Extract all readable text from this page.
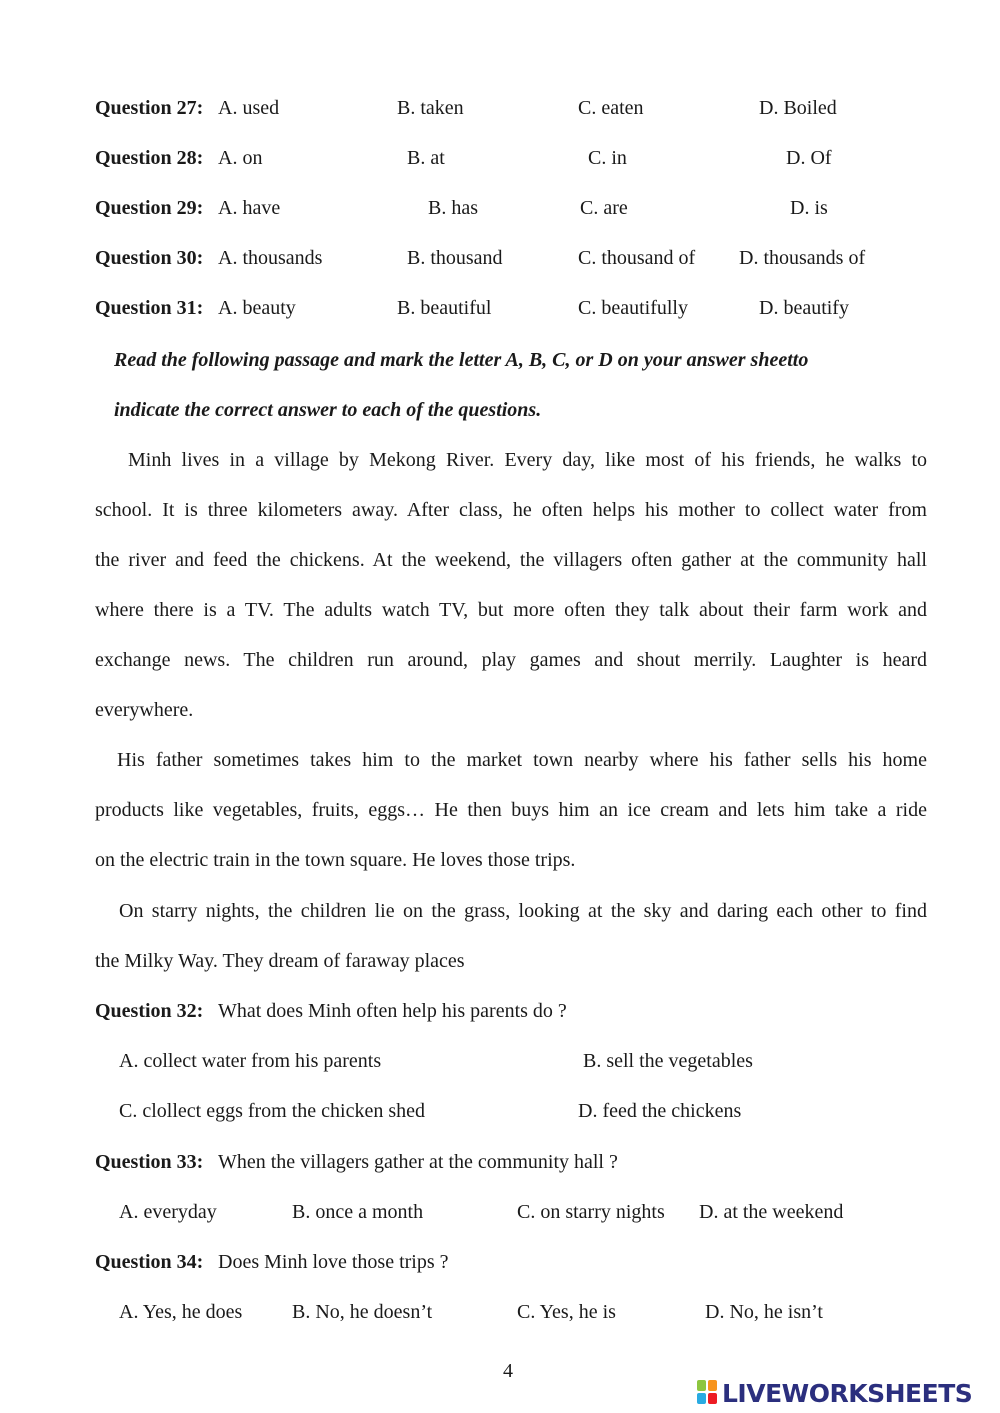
Question 27: A. used	B. taken	C. eaten	D. Boiled
Question 28: A. on	B. at	C. in	D. Of
Question 29: A. have	B. has	C. are	D. is
Question 30: A. thousands	B. thousand	C. thousand of D. thousands of
Question 31: A. beauty	B. beautiful	C. beautifully	D. beautify
Read the following passage and mark the letter A, B, C, or D on your answer sheetto
indicate the correct answer to each of the questions.
Minh lives in a village by Mekong River. Every day, like most of his friends, he walks to
school. It is three kilometers away. After class, he often helps his mother to collect water from
the river and feed the chickens. At the weekend, the villagers often gather at the community hall
where there is a TV. The adults watch TV, but more often they talk about their farm work and
exchange news. The children run around, play games and shout merrily. Laughter is heard
everywhere.
His father sometimes takes him to the market town nearby where his father sells his home
products like vegetables, fruits, eggs… He then buys him an ice cream and lets him take a ride
on the electric train in the town square. He loves those trips.
On starry nights, the children lie on the grass, looking at the sky and daring each other to find
the Milky Way. They dream of faraway places
Question 32: What does Minh often help his parents do ?
A. collect water from his parents	B. sell the vegetables
C. clollect eggs from the chicken shed	D. feed the chickens
Question 33: When the villagers gather at the community hall ?
A. everyday	B. once a month	C. on starry nights D. at the weekend
Question 34: Does Minh love those trips ?
A. Yes, he does B. No, he doesn’t	C. Yes, he is	D. No, he isn’t
4
LIVEWORKSHEETS
